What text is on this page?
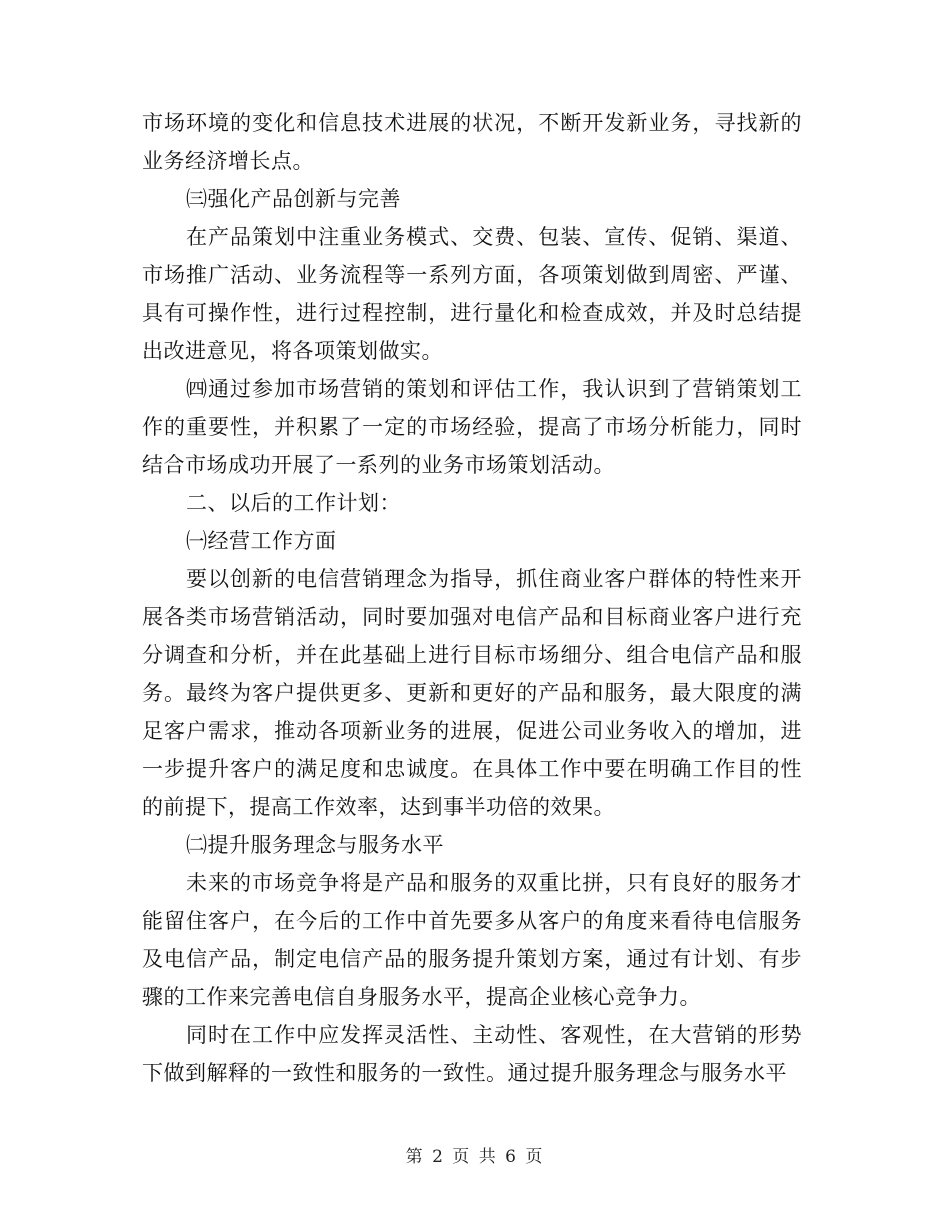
市场环境的变化和信息技术进展的状况，不断开发新业务，寻找新的业务经济增长点。

㈢强化产品创新与完善

在产品策划中注重业务模式、交费、包装、宣传、促销、渠道、市场推广活动、业务流程等一系列方面，各项策划做到周密、严谨、具有可操作性，进行过程控制，进行量化和检查成效，并及时总结提出改进意见，将各项策划做实。

㈣通过参加市场营销的策划和评估工作，我认识到了营销策划工作的重要性，并积累了一定的市场经验，提高了市场分析能力，同时结合市场成功开展了一系列的业务市场策划活动。

二、以后的工作计划：

㈠经营工作方面

要以创新的电信营销理念为指导，抓住商业客户群体的特性来开展各类市场营销活动，同时要加强对电信产品和目标商业客户进行充分调查和分析，并在此基础上进行目标市场细分、组合电信产品和服务。最终为客户提供更多、更新和更好的产品和服务，最大限度的满足客户需求，推动各项新业务的进展，促进公司业务收入的增加，进一步提升客户的满足度和忠诚度。在具体工作中要在明确工作目的性的前提下，提高工作效率，达到事半功倍的效果。

㈡提升服务理念与服务水平

未来的市场竞争将是产品和服务的双重比拼，只有良好的服务才能留住客户，在今后的工作中首先要多从客户的角度来看待电信服务及电信产品，制定电信产品的服务提升策划方案，通过有计划、有步骤的工作来完善电信自身服务水平，提高企业核心竞争力。

同时在工作中应发挥灵活性、主动性、客观性，在大营销的形势下做到解释的一致性和服务的一致性。通过提升服务理念与服务水平

第 2 页 共 6 页
